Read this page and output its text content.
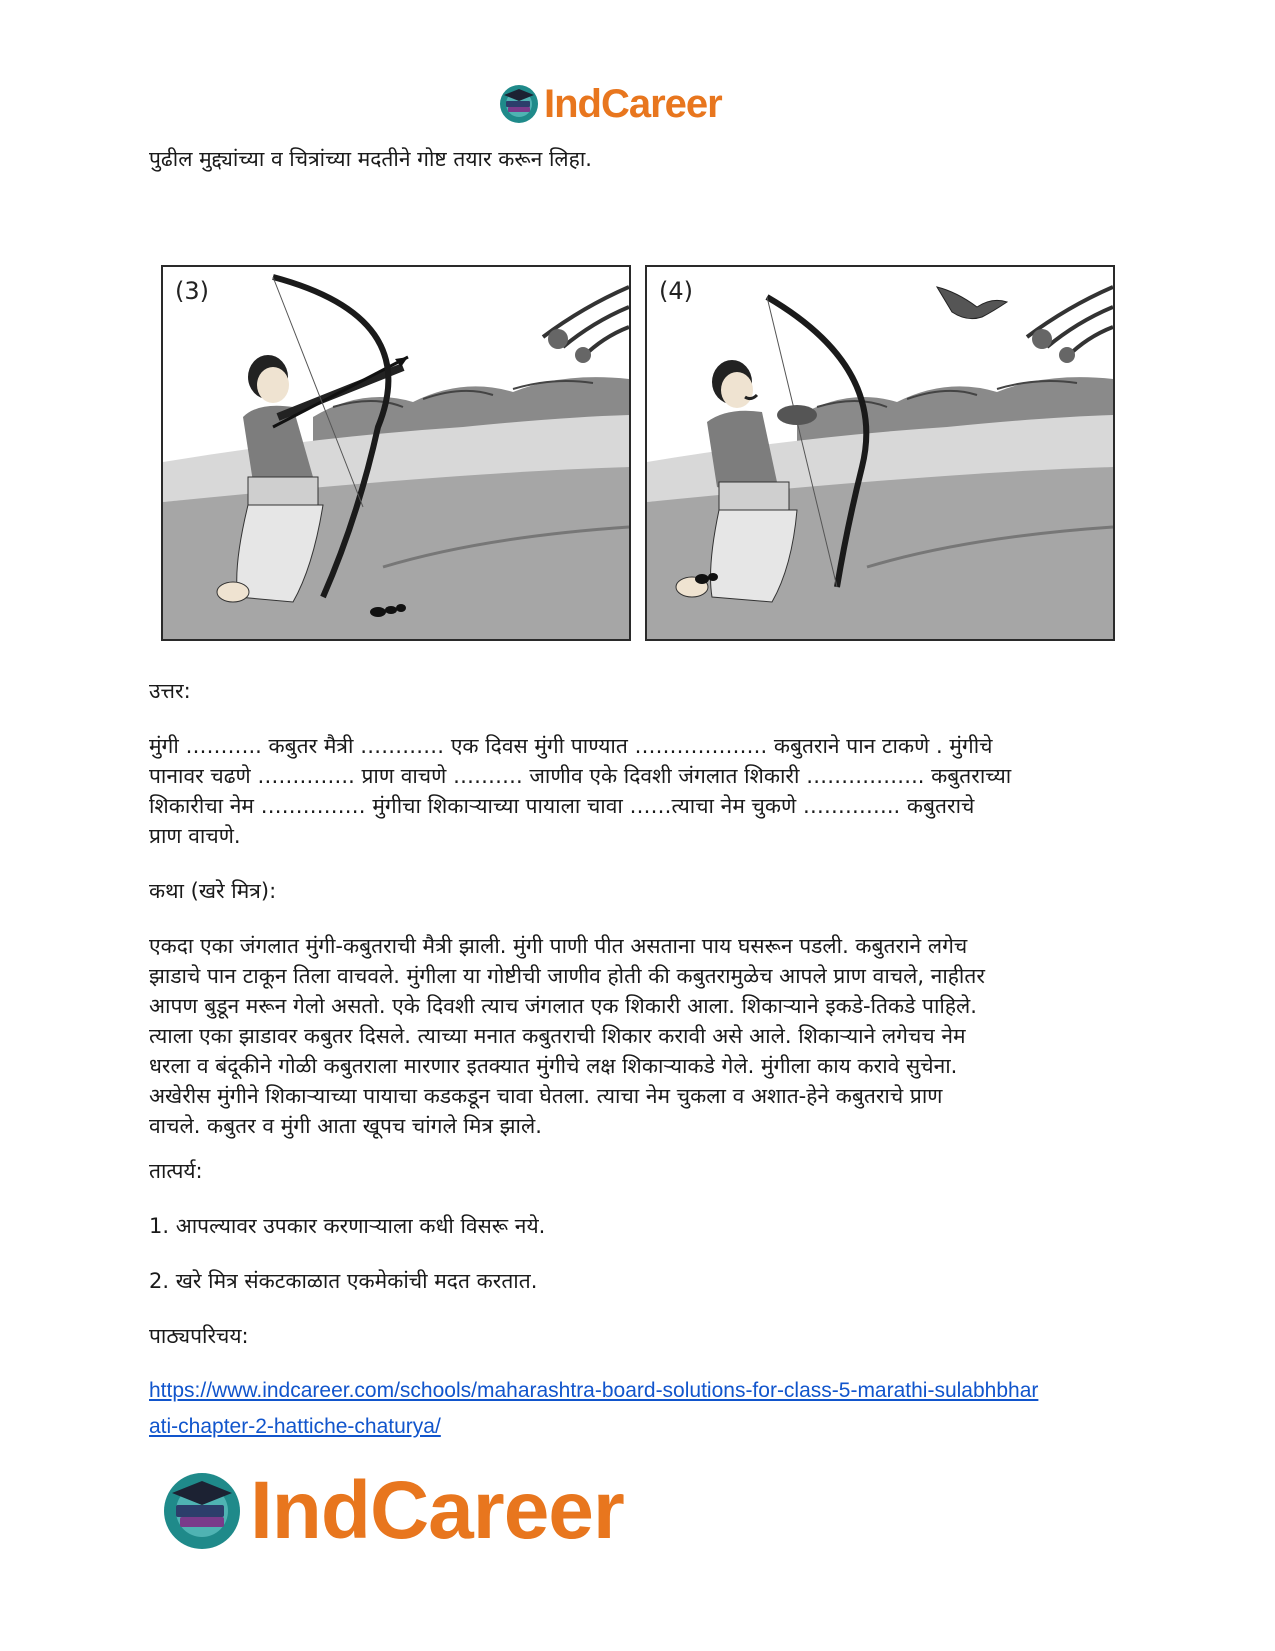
IndCareer
पुढील मुद्द्यांच्या व चित्रांच्या मदतीने गोष्ट तयार करून लिहा.
(3)	(4)
उत्तर:
मुंगी ……….. कबुतर मैत्री ………… एक दिवस मुंगी पाण्यात ………………. कबुतराने पान टाकणे . मुंगीचे
पानावर चढणे ………….. प्राण वाचणे ………. जाणीव एके दिवशी जंगलात शिकारी …………….. कबुतराच्या
शिकारीचा नेम …………… मुंगीचा शिकाऱ्याच्या पायाला चावा ……त्याचा नेम चुकणे ………….. कबुतराचे
प्राण वाचणे.
कथा (खरे मित्र):
एकदा एका जंगलात मुंगी-कबुतराची मैत्री झाली. मुंगी पाणी पीत असताना पाय घसरून पडली. कबुतराने लगेच
झाडाचे पान टाकून तिला वाचवले. मुंगीला या गोष्टीची जाणीव होती की कबुतरामुळेच आपले प्राण वाचले, नाहीतर
आपण बुडून मरून गेलो असतो. एके दिवशी त्याच जंगलात एक शिकारी आला. शिकाऱ्याने इकडे-तिकडे पाहिले.
त्याला एका झाडावर कबुतर दिसले. त्याच्या मनात कबुतराची शिकार करावी असे आले. शिकाऱ्याने लगेचच नेम
धरला व बंदूकीने गोळी कबुतराला मारणार इतक्यात मुंगीचे लक्ष शिकाऱ्याकडे गेले. मुंगीला काय करावे सुचेना.
अखेरीस मुंगीने शिकाऱ्याच्या पायाचा कडकडून चावा घेतला. त्याचा नेम चुकला व अशात-हेने कबुतराचे प्राण
वाचले. कबुतर व मुंगी आता खूपच चांगले मित्र झाले.
तात्पर्य:
1. आपल्यावर उपकार करणाऱ्याला कधी विसरू नये.
2. खरे मित्र संकटकाळात एकमेकांची मदत करतात.
पाठ्यपरिचय:
https://www.indcareer.com/schools/maharashtra-board-solutions-for-class-5-marathi-sulabhbhar
ati-chapter-2-hattiche-chaturya/
IndCareer
